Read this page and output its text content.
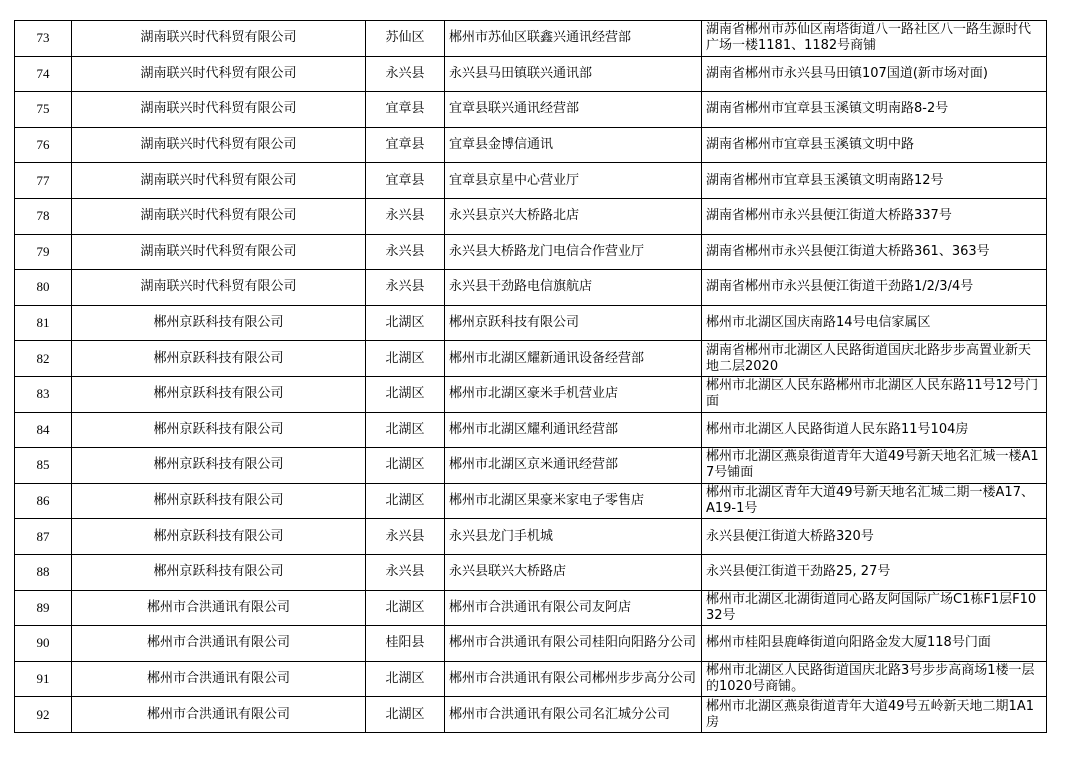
73	湖南联兴时代科贸有限公司	苏仙区	郴州市苏仙区联鑫兴通讯经营部	湖南省郴州市苏仙区南塔街道八一路社区八一路生源时代广场一楼1181、1182号商铺
74	湖南联兴时代科贸有限公司	永兴县	永兴县马田镇联兴通讯部	湖南省郴州市永兴县马田镇107国道(新市场对面)
75	湖南联兴时代科贸有限公司	宜章县	宜章县联兴通讯经营部	湖南省郴州市宜章县玉溪镇文明南路8-2号
76	湖南联兴时代科贸有限公司	宜章县	宜章县金博信通讯	湖南省郴州市宜章县玉溪镇文明中路
77	湖南联兴时代科贸有限公司	宜章县	宜章县京星中心营业厅	湖南省郴州市宜章县玉溪镇文明南路12号
78	湖南联兴时代科贸有限公司	永兴县	永兴县京兴大桥路北店	湖南省郴州市永兴县便江街道大桥路337号
79	湖南联兴时代科贸有限公司	永兴县	永兴县大桥路龙门电信合作营业厅	湖南省郴州市永兴县便江街道大桥路361、363号
80	湖南联兴时代科贸有限公司	永兴县	永兴县干劲路电信旗航店	湖南省郴州市永兴县便江街道干劲路1/2/3/4号
81	郴州京跃科技有限公司	北湖区	郴州京跃科技有限公司	郴州市北湖区国庆南路14号电信家属区
82	郴州京跃科技有限公司	北湖区	郴州市北湖区耀新通讯设备经营部	湖南省郴州市北湖区人民路街道国庆北路步步高置业新天地二层2020
83	郴州京跃科技有限公司	北湖区	郴州市北湖区豪米手机营业店	郴州市北湖区人民东路郴州市北湖区人民东路11号12号门面
84	郴州京跃科技有限公司	北湖区	郴州市北湖区耀利通讯经营部	郴州市北湖区人民路街道人民东路11号104房
85	郴州京跃科技有限公司	北湖区	郴州市北湖区京米通讯经营部	郴州市北湖区燕泉街道青年大道49号新天地名汇城一楼A17号铺面
86	郴州京跃科技有限公司	北湖区	郴州市北湖区果豪米家电子零售店	郴州市北湖区青年大道49号新天地名汇城二期一楼A17、A19-1号
87	郴州京跃科技有限公司	永兴县	永兴县龙门手机城	永兴县便江街道大桥路320号
88	郴州京跃科技有限公司	永兴县	永兴县联兴大桥路店	永兴县便江街道干劲路25, 27号
89	郴州市合洪通讯有限公司	北湖区	郴州市合洪通讯有限公司友阿店	郴州市北湖区北湖街道同心路友阿国际广场C1栋F1层F1032号
90	郴州市合洪通讯有限公司	桂阳县	郴州市合洪通讯有限公司桂阳向阳路分公司	郴州市桂阳县鹿峰街道向阳路金发大厦118号门面
91	郴州市合洪通讯有限公司	北湖区	郴州市合洪通讯有限公司郴州步步高分公司	郴州市北湖区人民路街道国庆北路3号步步高商场1楼一层的1020号商铺。
92	郴州市合洪通讯有限公司	北湖区	郴州市合洪通讯有限公司名汇城分公司	郴州市北湖区燕泉街道青年大道49号五岭新天地二期1A1房
